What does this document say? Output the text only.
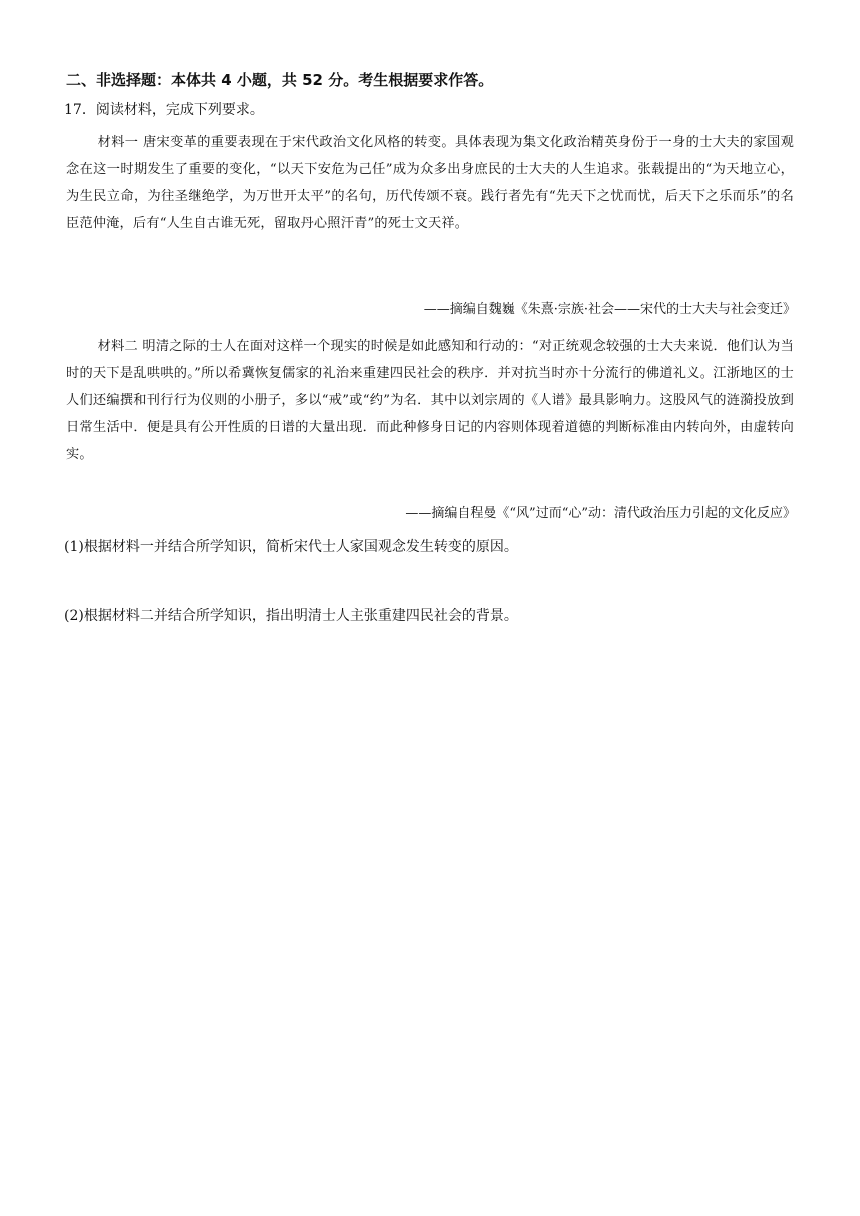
二、非选择题：本体共 4 小题，共 52 分。考生根据要求作答。
17．阅读材料，完成下列要求。

材料一 唐宋变革的重要表现在于宋代政治文化风格的转变。具体表现为集文化政治精英身份于一身的士大夫的家国观念在这一时期发生了重要的变化，“以天下安危为己任”成为众多出身庶民的士大夫的人生追求。张载提出的“为天地立心，为生民立命，为往圣继绝学，为万世开太平”的名句，历代传颂不衰。践行者先有“先天下之忧而忧，后天下之乐而乐”的名臣范仲淹，后有“人生自古谁无死，留取丹心照汗青”的死士文天祥。

——摘编自魏巍《朱熹·宗族·社会——宋代的士大夫与社会变迁》

材料二 明清之际的士人在面对这样一个现实的时候是如此感知和行动的：“对正统观念较强的士大夫来说．他们认为当时的天下是乱哄哄的。”所以希冀恢复儒家的礼治来重建四民社会的秩序．并对抗当时亦十分流行的佛道礼义。江浙地区的士人们还编撰和刊行行为仪则的小册子，多以“戒”或“约”为名．其中以刘宗周的《人谱》最具影响力。这股风气的涟漪投放到日常生活中．便是具有公开性质的日谱的大量出现．而此种修身日记的内容则体现着道德的判断标准由内转向外，由虚转向实。

——摘编自程曼《“风”过而“心”动：清代政治压力引起的文化反应》
(1)根据材料一并结合所学知识，简析宋代士人家国观念发生转变的原因。
(2)根据材料二并结合所学知识，指出明清士人主张重建四民社会的背景。
